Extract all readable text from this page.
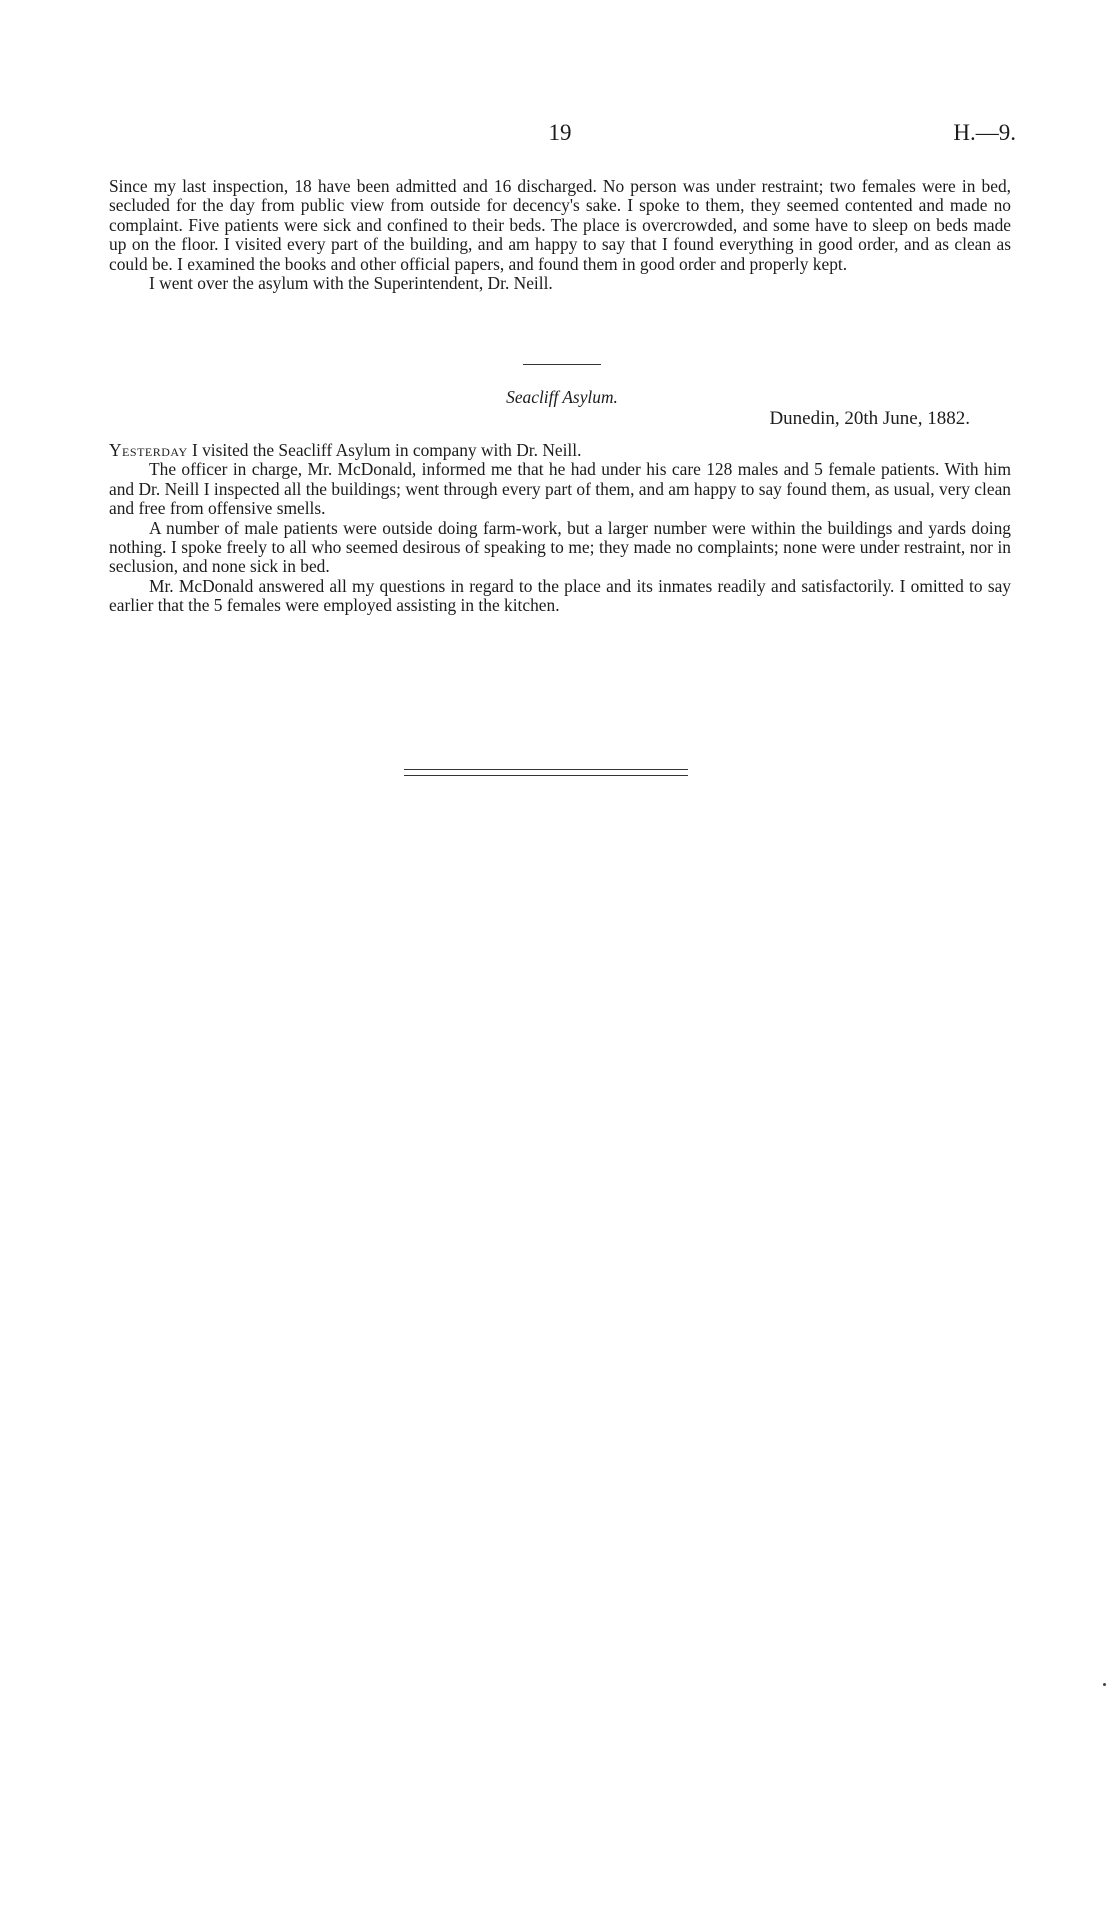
19	H.—9.

Since my last inspection, 18 have been admitted and 16 discharged. No person was under restraint; two females were in bed, secluded for the day from public view from outside for decency's sake. I spoke to them, they seemed contented and made no complaint. Five patients were sick and confined to their beds. The place is overcrowded, and some have to sleep on beds made up on the floor. I visited every part of the building, and am happy to say that I found everything in good order, and as clean as could be. I examined the books and other official papers, and found them in good order and properly kept.

I went over the asylum with the Superintendent, Dr. Neill.

Seacliff Asylum.
Dunedin, 20th June, 1882.

Yesterday I visited the Seacliff Asylum in company with Dr. Neill.

The officer in charge, Mr. McDonald, informed me that he had under his care 128 males and 5 female patients. With him and Dr. Neill I inspected all the buildings; went through every part of them, and am happy to say found them, as usual, very clean and free from offensive smells.

A number of male patients were outside doing farm-work, but a larger number were within the buildings and yards doing nothing. I spoke freely to all who seemed desirous of speaking to me; they made no complaints; none were under restraint, nor in seclusion, and none sick in bed.

Mr. McDonald answered all my questions in regard to the place and its inmates readily and satisfactorily. I omitted to say earlier that the 5 females were employed assisting in the kitchen.
